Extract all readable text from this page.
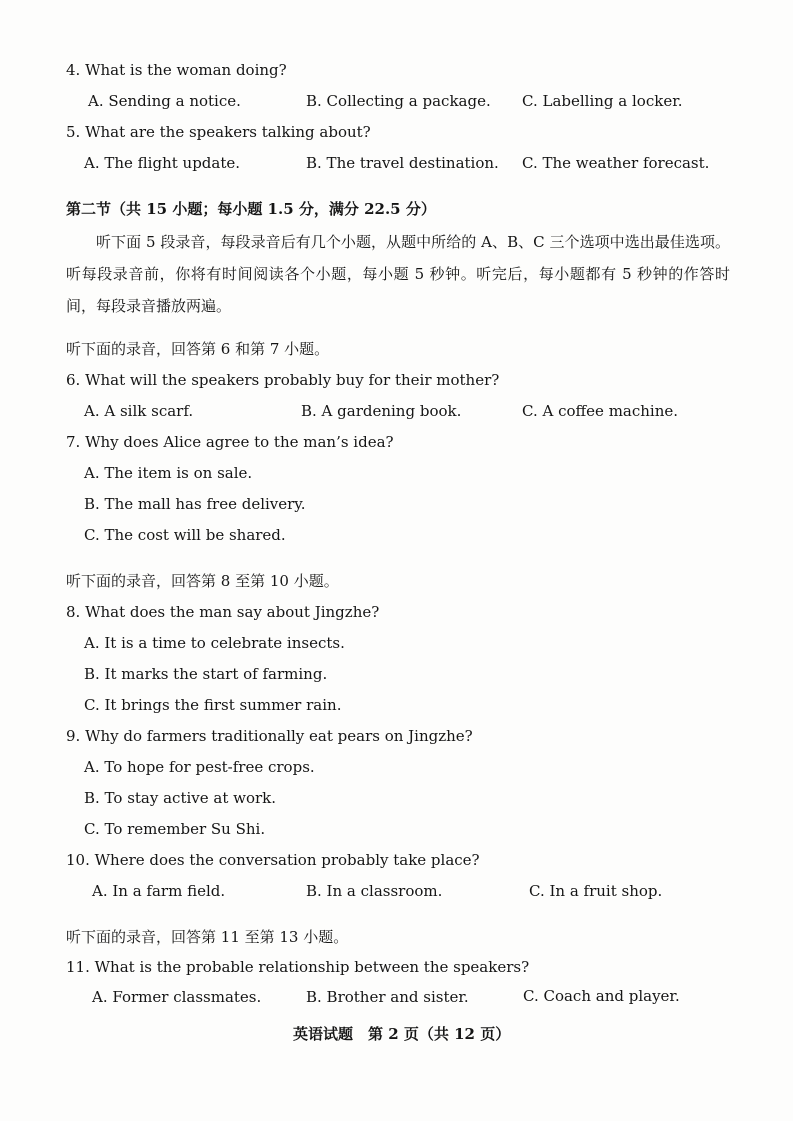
4. What is the woman doing?
A. Sending a notice.	B. Collecting a package. C. Labelling a locker.
5. What are the speakers talking about?
A. The flight update.	B. The travel destination. C. The weather forecast.
第二节（共 15 小题；每小题 1.5 分，满分 22.5 分）
听下面 5 段录音，每段录音后有几个小题，从题中所给的 A、B、C 三个选项中选出最佳选项。听每段录音前，你将有时间阅读各个小题，每小题 5 秒钟。听完后，每小题都有 5 秒钟的作答时间，每段录音播放两遍。
听下面的录音，回答第 6 和第 7 小题。
6. What will the speakers probably buy for their mother?
A. A silk scarf.	B. A gardening book.	C. A coffee machine.
7. Why does Alice agree to the man’s idea?
A. The item is on sale.
B. The mall has free delivery.
C. The cost will be shared.
听下面的录音，回答第 8 至第 10 小题。
8. What does the man say about Jingzhe?
A. It is a time to celebrate insects.
B. It marks the start of farming.
C. It brings the first summer rain.
9. Why do farmers traditionally eat pears on Jingzhe?
A. To hope for pest-free crops.
B. To stay active at work.
C. To remember Su Shi.
10. Where does the conversation probably take place?
A. In a farm field.	B. In a classroom.	C. In a fruit shop.
听下面的录音，回答第 11 至第 13 小题。
11. What is the probable relationship between the speakers?
A. Former classmates.	B. Brother and sister.	C. Coach and player.
英语试题　第 2 页（共 12 页）
